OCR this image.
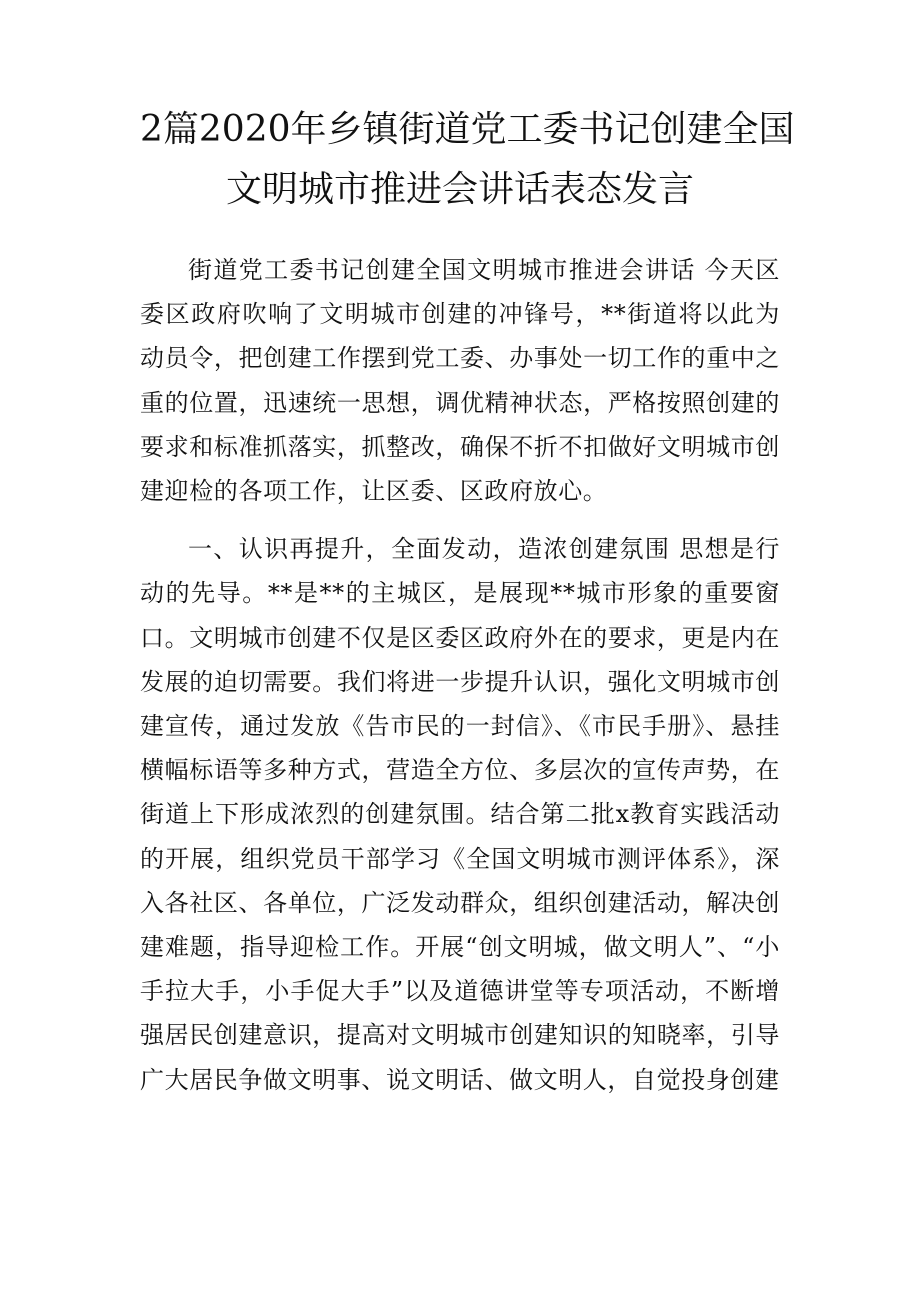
2篇2020年乡镇街道党工委书记创建全国
文明城市推进会讲话表态发言

街道党工委书记创建全国文明城市推进会讲话 今天区委区政府吹响了文明城市创建的冲锋号，**街道将以此为动员令，把创建工作摆到党工委、办事处一切工作的重中之重的位置，迅速统一思想，调优精神状态，严格按照创建的要求和标准抓落实，抓整改，确保不折不扣做好文明城市创建迎检的各项工作，让区委、区政府放心。

一、认识再提升，全面发动，造浓创建氛围 思想是行动的先导。**是**的主城区，是展现**城市形象的重要窗口。文明城市创建不仅是区委区政府外在的要求，更是内在发展的迫切需要。我们将进一步提升认识，强化文明城市创建宣传，通过发放《告市民的一封信》、《市民手册》、悬挂横幅标语等多种方式，营造全方位、多层次的宣传声势，在街道上下形成浓烈的创建氛围。结合第二批x教育实践活动的开展，组织党员干部学习《全国文明城市测评体系》，深入各社区、各单位，广泛发动群众，组织创建活动，解决创建难题，指导迎检工作。开展“创文明城，做文明人”、“小手拉大手，小手促大手”以及道德讲堂等专项活动，不断增强居民创建意识，提高对文明城市创建知识的知晓率，引导广大居民争做文明事、说文明话、做文明人，自觉投身创建
